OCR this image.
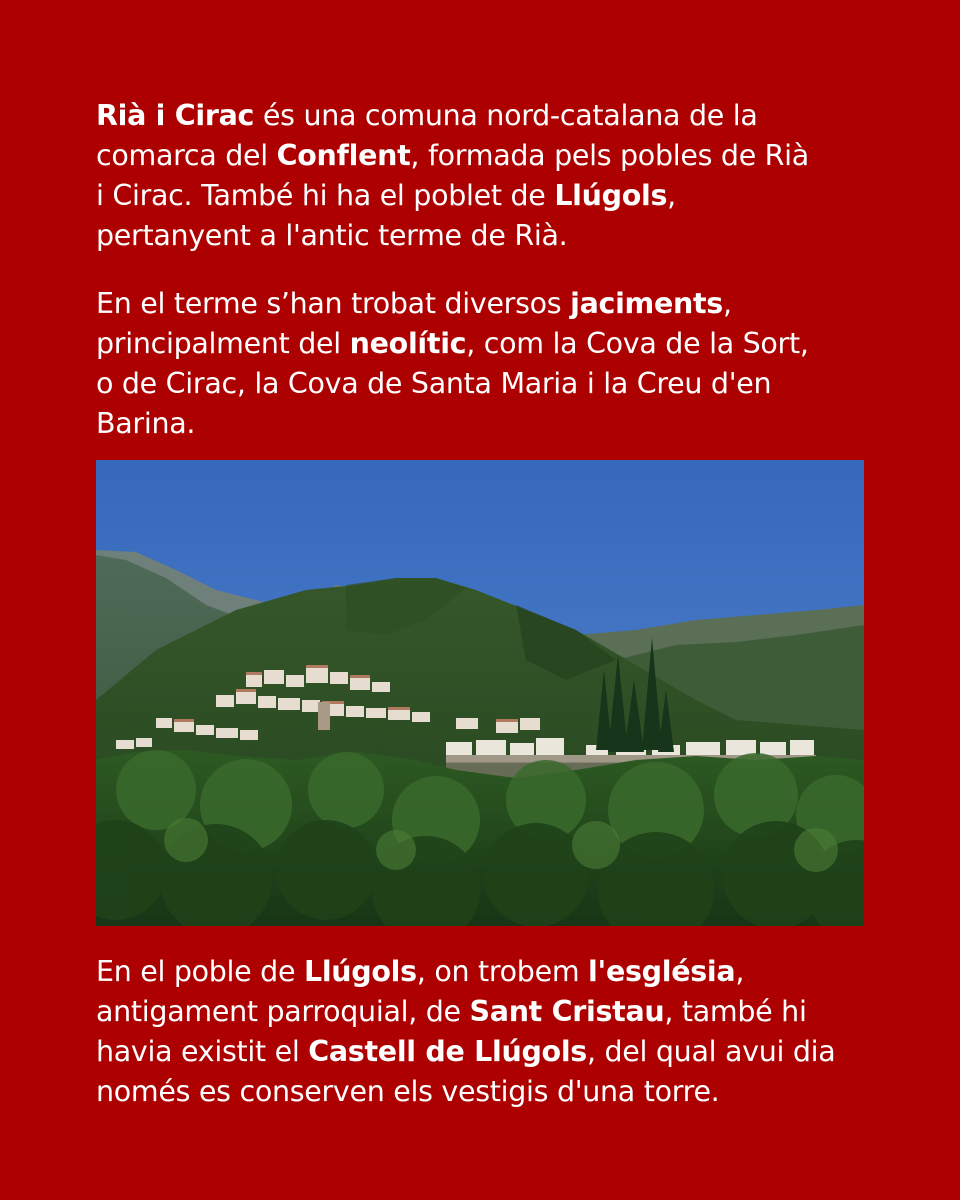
Rià i Cirac és una comuna nord-catalana de la
comarca del Conflent, formada pels pobles de Rià
i Cirac. També hi ha el poblet de Llúgols,
pertanyent a l'antic terme de Rià.

En el terme s’han trobat diversos jaciments,
principalment del neolític, com la Cova de la Sort,
o de Cirac, la Cova de Santa Maria i la Creu d'en
Barina.

En el poble de Llúgols, on trobem l'església,
antigament parroquial, de Sant Cristau, també hi
havia existit el Castell de Llúgols, del qual avui dia
només es conserven els vestigis d'una torre.
